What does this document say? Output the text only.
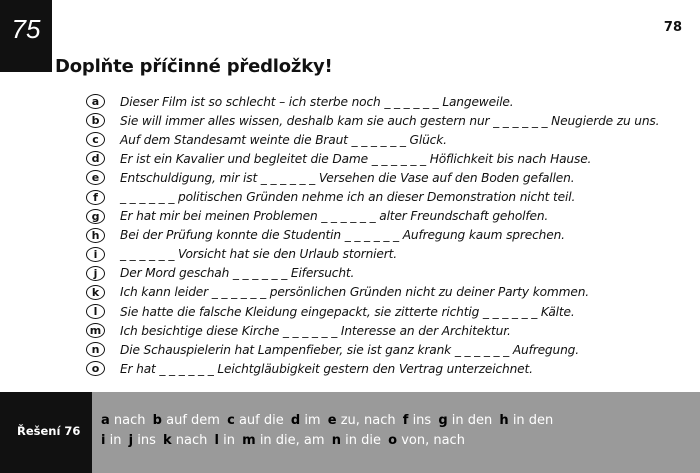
75	78
Doplňte příčinné předložky!
a	Dieser Film ist so schlecht – ich sterbe noch _ _ _ _ _ _ Langeweile.
b	Sie will immer alles wissen, deshalb kam sie auch gestern nur _ _ _ _ _ _ Neugierde zu uns.
c	Auf dem Standesamt weinte die Braut _ _ _ _ _ _ Glück.
d	Er ist ein Kavalier und begleitet die Dame _ _ _ _ _ _ Höflichkeit bis nach Hause.
e	Entschuldigung, mir ist _ _ _ _ _ _ Versehen die Vase auf den Boden gefallen.
f	_ _ _ _ _ _ politischen Gründen nehme ich an dieser Demonstration nicht teil.
g	Er hat mir bei meinen Problemen _ _ _ _ _ _ alter Freundschaft geholfen.
h	Bei der Prüfung konnte die Studentin _ _ _ _ _ _ Aufregung kaum sprechen.
i	_ _ _ _ _ _ Vorsicht hat sie den Urlaub storniert.
j	Der Mord geschah _ _ _ _ _ _ Eifersucht.
k	Ich kann leider _ _ _ _ _ _ persönlichen Gründen nicht zu deiner Party kommen.
l	Sie hatte die falsche Kleidung eingepackt, sie zitterte richtig _ _ _ _ _ _ Kälte.
m	Ich besichtige diese Kirche _ _ _ _ _ _ Interesse an der Architektur.
n	Die Schauspielerin hat Lampenfieber, sie ist ganz krank _ _ _ _ _ _ Aufregung.
o	Er hat _ _ _ _ _ _ Leichtgläubigkeit gestern den Vertrag unterzeichnet.
Řešení 76
a nach b auf dem c auf die d im e zu, nach f ins g in den h in den
i in j ins k nach l in m in die, am n in die o von, nach
